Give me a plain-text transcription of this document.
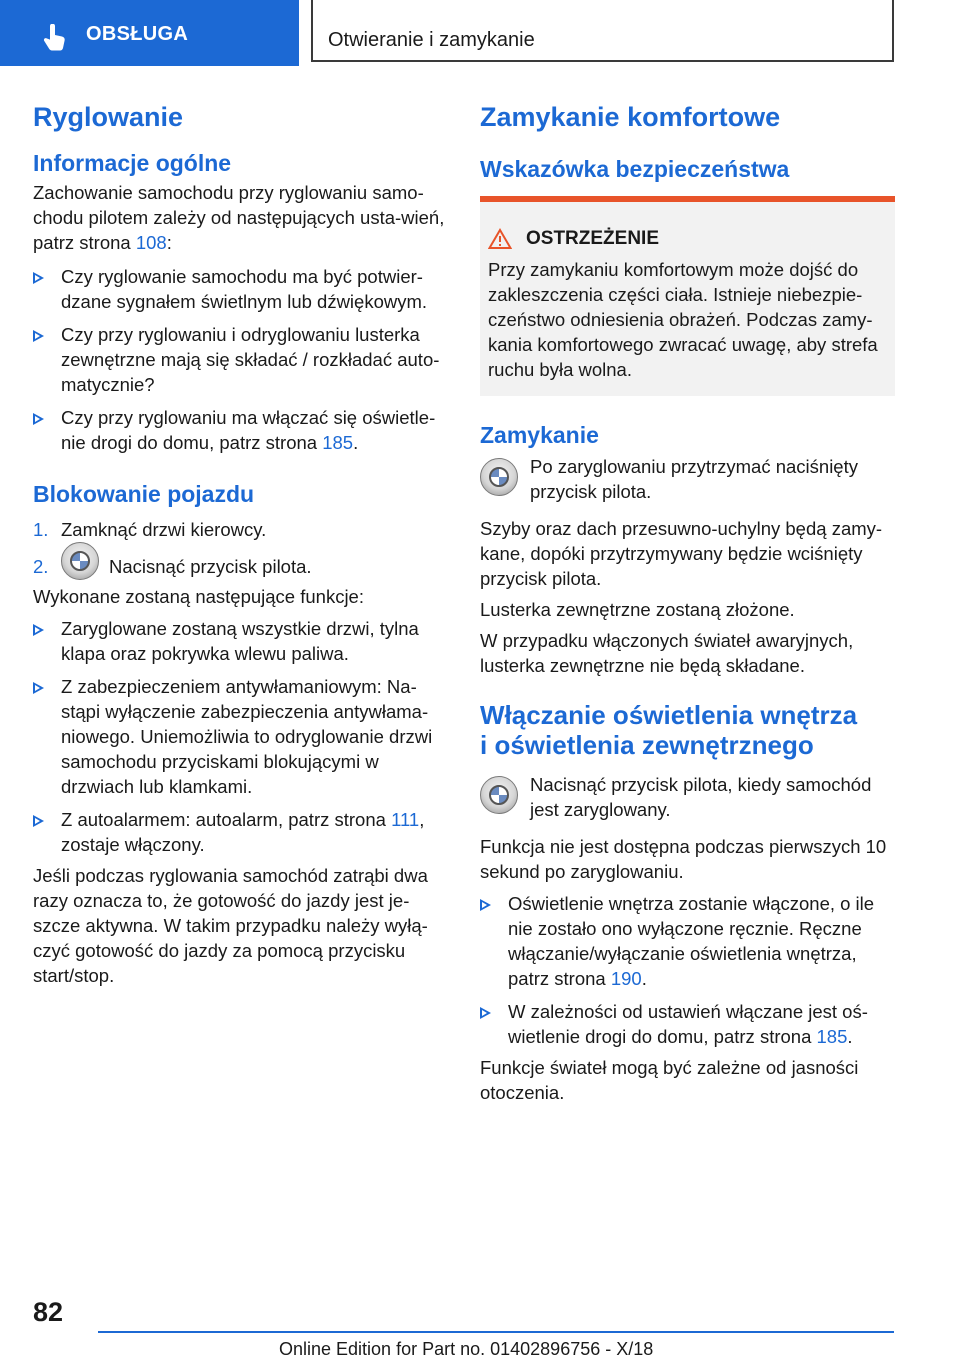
OBSŁUGA	Otwieranie i zamykanie
Ryglowanie
Informacje ogólne

Zachowanie samochodu przy ryglowaniu samo-chodu pilotem zależy od następujących usta-wień, patrz strona 108:

Czy ryglowanie samochodu ma być potwier-dzane sygnałem świetlnym lub dźwiękowym.
Czy przy ryglowaniu i odryglowaniu lusterka zewnętrzne mają się składać / rozkładać auto-matycznie?
Czy przy ryglowaniu ma włączać się oświetle-nie drogi do domu, patrz strona 185.
Blokowanie pojazdu

1. Zamknąć drzwi kierowcy.

2.	Nacisnąć przycisk pilota.

Wykonane zostaną następujące funkcje:

Zaryglowane zostaną wszystkie drzwi, tylna klapa oraz pokrywka wlewu paliwa.
Z zabezpieczeniem antywłamaniowym: Na-stąpi wyłączenie zabezpieczenia antywłama-niowego. Uniemożliwia to odryglowanie drzwi samochodu przyciskami blokującymi w drzwiach lub klamkami.
Z autoalarmem: autoalarm, patrz strona 111, zostaje włączony.

Jeśli podczas ryglowania samochód zatrąbi dwa razy oznacza to, że gotowość do jazdy jest je-szcze aktywna. W takim przypadku należy wyłą-czyć gotowość do jazdy za pomocą przycisku start/stop.

Zamykanie komfortowe
Wskazówka bezpieczeństwa
OSTRZEŻENIE

Przy zamykaniu komfortowym może dojść do zakleszczenia części ciała. Istnieje niebezpie-czeństwo odniesienia obrażeń. Podczas zamy-kania komfortowego zwracać uwagę, aby strefa ruchu była wolna.

Zamykanie

Po zaryglowaniu przytrzymać naciśnięty przycisk pilota.

Szyby oraz dach przesuwno-uchylny będą zamy-kane, dopóki przytrzymywany będzie wciśnięty przycisk pilota.

Lusterka zewnętrzne zostaną złożone.

W przypadku włączonych świateł awaryjnych, lusterka zewnętrzne nie będą składane.

Włączanie oświetlenia wnętrza
i oświetlenia zewnętrznego

Nacisnąć przycisk pilota, kiedy samochód jest zaryglowany.

Funkcja nie jest dostępna podczas pierwszych 10 sekund po zaryglowaniu.

Oświetlenie wnętrza zostanie włączone, o ile nie zostało ono wyłączone ręcznie. Ręczne włączanie/wyłączanie oświetlenia wnętrza, patrz strona 190.
W zależności od ustawień włączane jest oś-wietlenie drogi do domu, patrz strona 185.

Funkcje świateł mogą być zależne od jasności otoczenia.

82
Online Edition for Part no. 01402896756 - X/18
